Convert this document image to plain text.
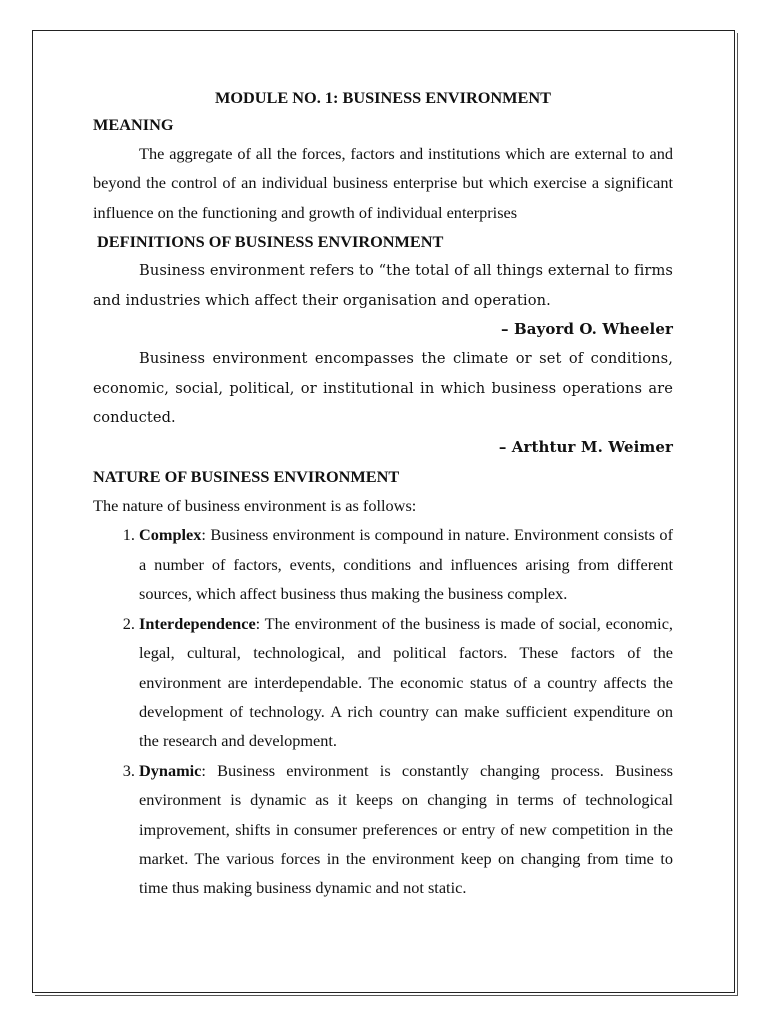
MODULE NO. 1: BUSINESS ENVIRONMENT
MEANING

The aggregate of all the forces, factors and institutions which are external to and beyond the control of an individual business enterprise but which exercise a significant influence on the functioning and growth of individual enterprises

DEFINITIONS OF BUSINESS ENVIRONMENT

Business environment refers to “the total of all things external to firms and industries which affect their organisation and operation.

– Bayord O. Wheeler

Business environment encompasses the climate or set of conditions, economic, social, political, or institutional in which business operations are conducted.

– Arthtur M. Weimer
NATURE OF BUSINESS ENVIRONMENT

The nature of business environment is as follows:

1. Complex: Business environment is compound in nature. Environment consists of a number of factors, events, conditions and influences arising from different sources, which affect business thus making the business complex.
2. Interdependence: The environment of the business is made of social, economic, legal, cultural, technological, and political factors. These factors of the environment are interdependable. The economic status of a country affects the development of technology. A rich country can make sufficient expenditure on the research and development.
3. Dynamic: Business environment is constantly changing process. Business environment is dynamic as it keeps on changing in terms of technological improvement, shifts in consumer preferences or entry of new competition in the market. The various forces in the environment keep on changing from time to time thus making business dynamic and not static.
